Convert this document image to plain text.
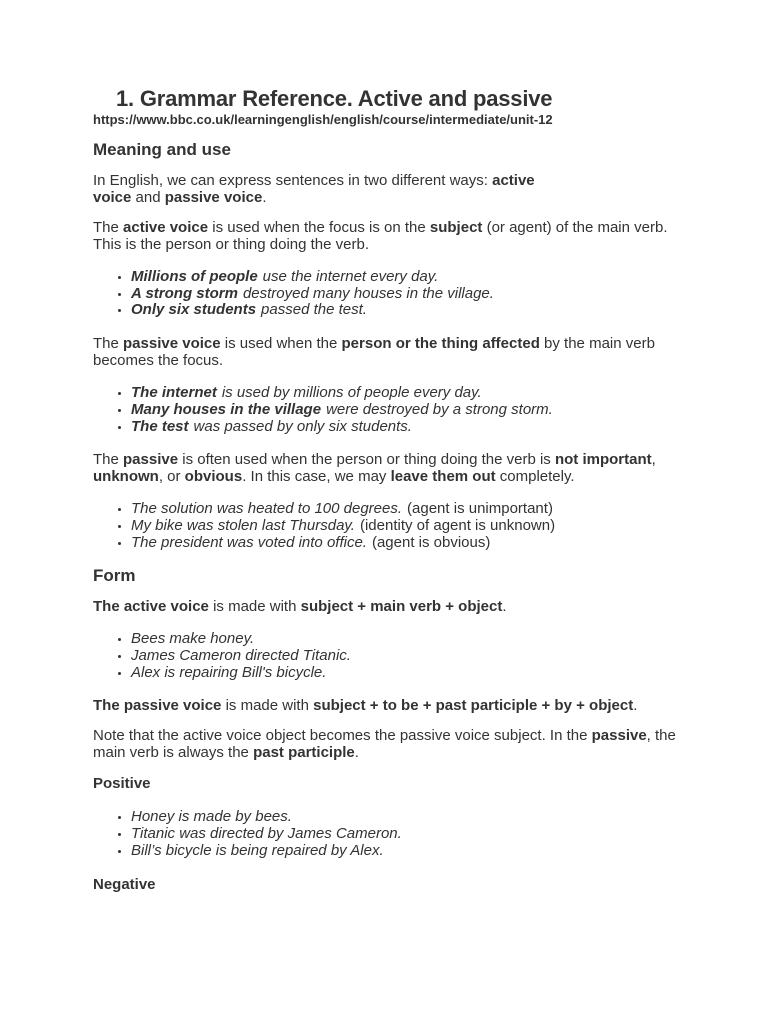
1. Grammar Reference. Active and passive

https://www.bbc.co.uk/learningenglish/english/course/intermediate/unit-12

Meaning and use

In English, we can express sentences in two different ways: active
voice and passive voice.

The active voice is used when the focus is on the subject (or agent) of the main verb. This is the person or thing doing the verb.

• Millions of people use the internet every day.
• A strong storm destroyed many houses in the village.
• Only six students passed the test.

The passive voice is used when the person or the thing affected by the main verb becomes the focus.

• The internet is used by millions of people every day.
• Many houses in the village were destroyed by a strong storm.
• The test was passed by only six students.

The passive is often used when the person or thing doing the verb is not important, unknown, or obvious. In this case, we may leave them out completely.

• The solution was heated to 100 degrees. (agent is unimportant)
• My bike was stolen last Thursday. (identity of agent is unknown)
• The president was voted into office. (agent is obvious)
Form

The active voice is made with subject + main verb + object.

• Bees make honey.
• James Cameron directed Titanic.
• Alex is repairing Bill's bicycle.

The passive voice is made with subject + to be + past participle + by + object.

Note that the active voice object becomes the passive voice subject. In the passive, the main verb is always the past participle.

Positive
• Honey is made by bees.
• Titanic was directed by James Cameron.
• Bill’s bicycle is being repaired by Alex.
Negative
